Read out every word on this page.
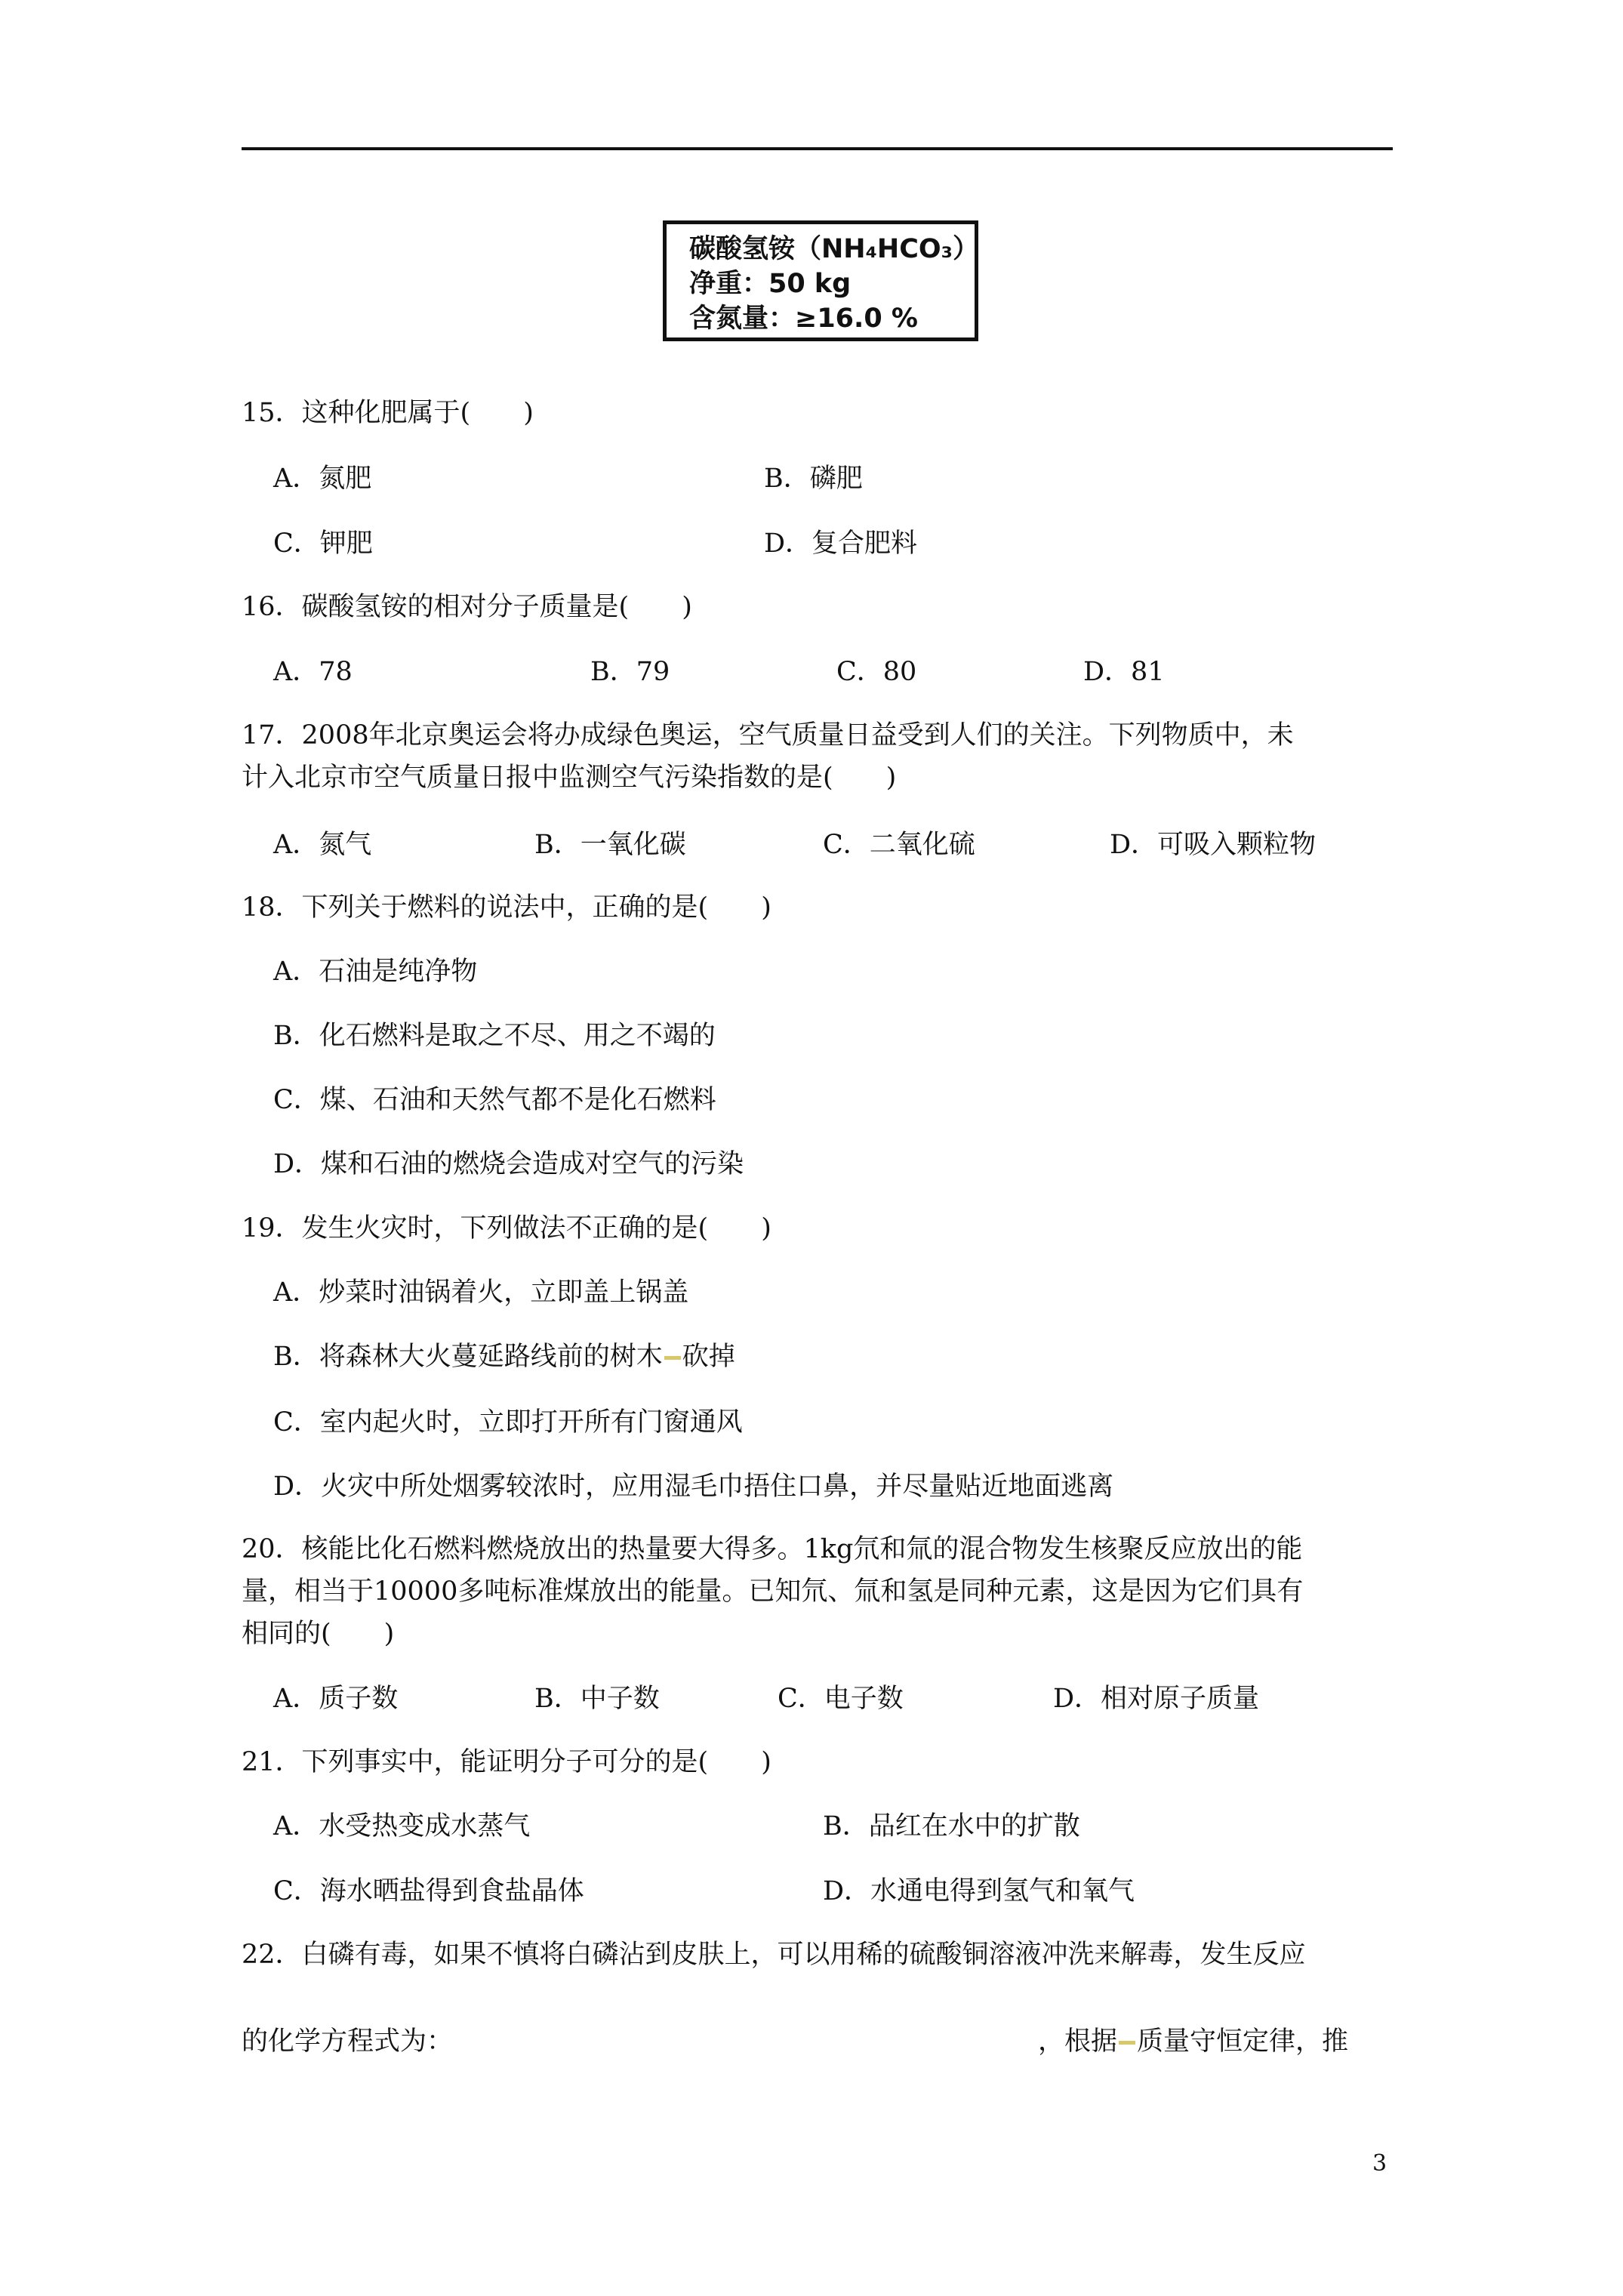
碳酸氢铵（NH₄HCO₃）
净重：50 kg
含氮量：≥16.0 %
15．这种化肥属于(　　)
A．氮肥	B．磷肥
C．钾肥	D．复合肥料
16．碳酸氢铵的相对分子质量是(　　)
A．78	B．79	C．80	D．81
17．2008年北京奥运会将办成绿色奥运，空气质量日益受到人们的关注。下列物质中，未
计入北京市空气质量日报中监测空气污染指数的是(　　)
A．氮气	B．一氧化碳	C．二氧化硫	D．可吸入颗粒物
18．下列关于燃料的说法中，正确的是(　　)
A．石油是纯净物
B．化石燃料是取之不尽、用之不竭的
C．煤、石油和天然气都不是化石燃料
D．煤和石油的燃烧会造成对空气的污染
19．发生火灾时，下列做法不正确的是(　　)
A．炒菜时油锅着火，立即盖上锅盖
B．将森林大火蔓延路线前的树木 砍掉
C．室内起火时，立即打开所有门窗通风
D．火灾中所处烟雾较浓时，应用湿毛巾捂住口鼻，并尽量贴近地面逃离
20．核能比化石燃料燃烧放出的热量要大得多。1kg氘和氚的混合物发生核聚反应放出的能
量，相当于10000多吨标准煤放出的能量。已知氘、氚和氢是同种元素，这是因为它们具有
相同的(　　)
A．质子数	B．中子数	C．电子数	D．相对原子质量
21．下列事实中，能证明分子可分的是(　　)
A．水受热变成水蒸气	B．品红在水中的扩散
C．海水晒盐得到食盐晶体	D．水通电得到氢气和氧气
22．白磷有毒，如果不慎将白磷沾到皮肤上，可以用稀的硫酸铜溶液冲洗来解毒，发生反应
的化学方程式为：	，根据 质量守恒定律，推
3
